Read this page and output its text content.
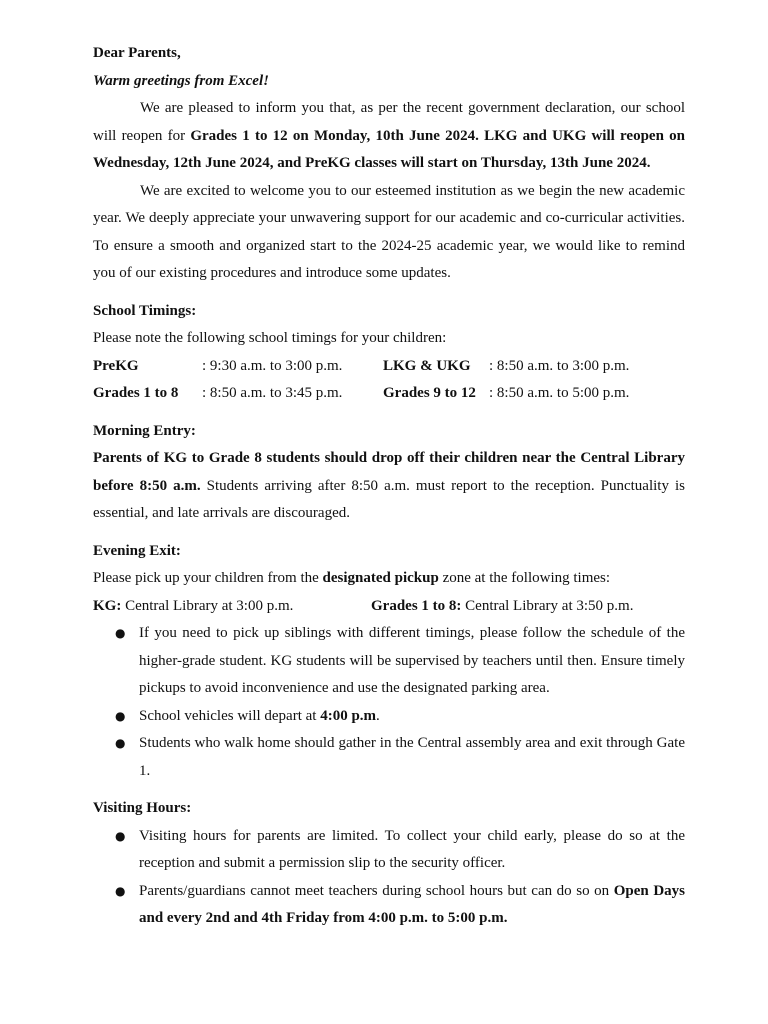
Dear Parents,

Warm greetings from Excel!

We are pleased to inform you that, as per the recent government declaration, our school will reopen for Grades 1 to 12 on Monday, 10th June 2024. LKG and UKG will reopen on Wednesday, 12th June 2024, and PreKG classes will start on Thursday, 13th June 2024.

We are excited to welcome you to our esteemed institution as we begin the new academic year. We deeply appreciate your unwavering support for our academic and co-curricular activities. To ensure a smooth and organized start to the 2024-25 academic year, we would like to remind you of our existing procedures and introduce some updates.

School Timings:

Please note the following school timings for your children:

PreKG	: 9:30 a.m. to 3:00 p.m.	LKG & UKG	: 8:50 a.m. to 3:00 p.m.
Grades 1 to 8	: 8:50 a.m. to 3:45 p.m.	Grades 9 to 12 : 8:50 a.m. to 5:00 p.m.

Morning Entry:

Parents of KG to Grade 8 students should drop off their children near the Central Library before 8:50 a.m. Students arriving after 8:50 a.m. must report to the reception. Punctuality is essential, and late arrivals are discouraged.

Evening Exit:

Please pick up your children from the designated pickup zone at the following times:

KG: Central Library at 3:00 p.m.	Grades 1 to 8: Central Library at 3:50 p.m.
● If you need to pick up siblings with different timings, please follow the schedule of the higher-grade student. KG students will be supervised by teachers until then. Ensure timely pickups to avoid inconvenience and use the designated parking area.
● School vehicles will depart at 4:00 p.m.
● Students who walk home should gather in the Central assembly area and exit through Gate 1.

Visiting Hours:

● Visiting hours for parents are limited. To collect your child early, please do so at the reception and submit a permission slip to the security officer.
● Parents/guardians cannot meet teachers during school hours but can do so on Open Days and every 2nd and 4th Friday from 4:00 p.m. to 5:00 p.m.
